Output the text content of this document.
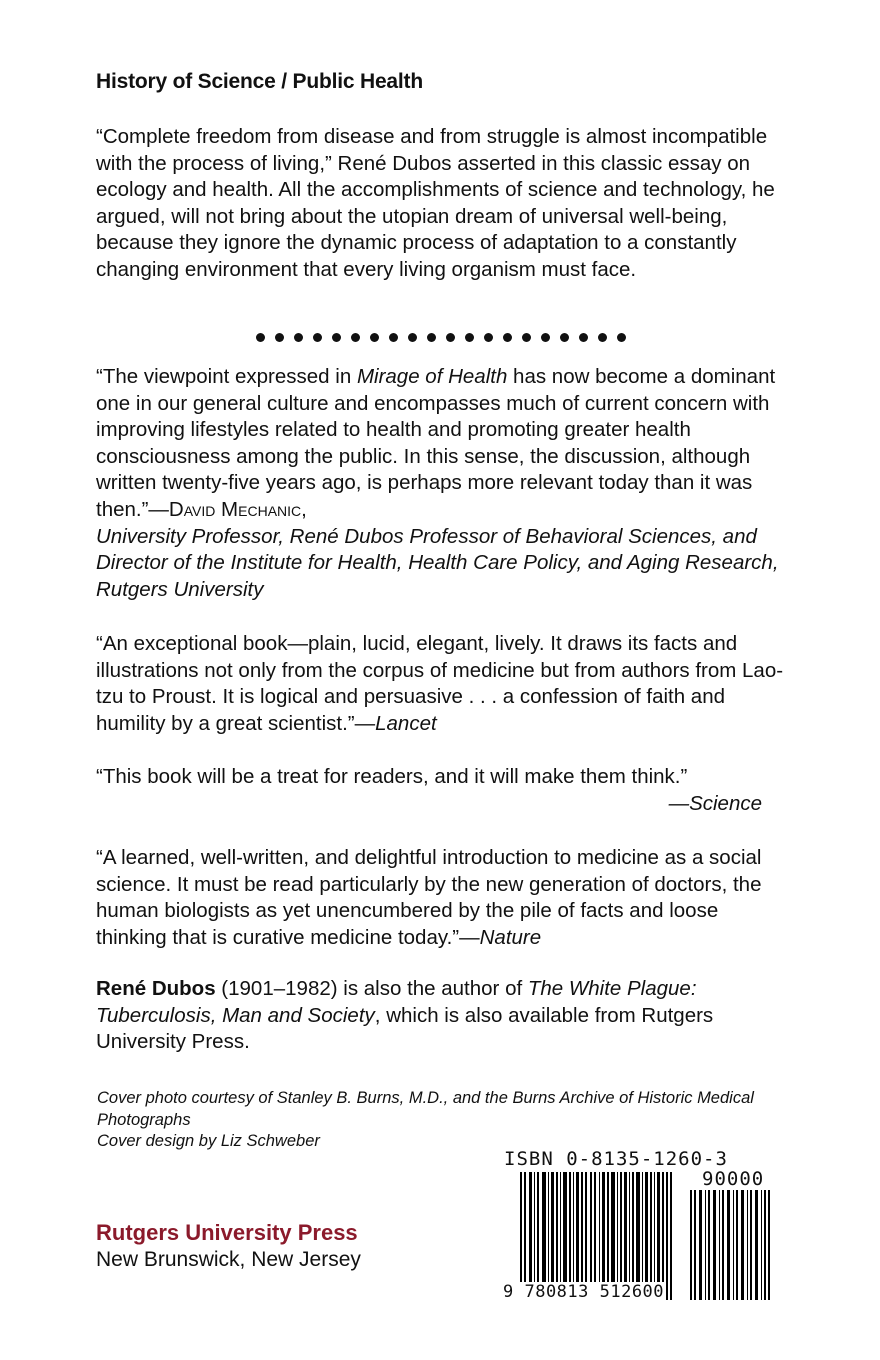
History of Science / Public Health

“Complete freedom from disease and from struggle is almost incompatible with the process of living,” René Dubos asserted in this classic essay on ecology and health. All the accomplishments of science and technology, he argued, will not bring about the utopian dream of universal well-being, because they ignore the dynamic process of adaptation to a constantly changing environment that every living organism must face.

“The viewpoint expressed in Mirage of Health has now become a dominant one in our general culture and encompasses much of current concern with improving lifestyles related to health and promoting greater health consciousness among the public. In this sense, the discussion, although written twenty-five years ago, is perhaps more relevant today than it was then.”—David Mechanic,
University Professor, René Dubos Professor of Behavioral Sciences, and Director of the Institute for Health, Health Care Policy, and Aging Research, Rutgers University

“An exceptional book—plain, lucid, elegant, lively. It draws its facts and illustrations not only from the corpus of medicine but from authors from Lao-tzu to Proust. It is logical and persuasive . . . a confession of faith and humility by a great scientist.”—Lancet

“This book will be a treat for readers, and it will make them think.”
—Science

“A learned, well-written, and delightful introduction to medicine as a social science. It must be read particularly by the new generation of doctors, the human biologists as yet unencumbered by the pile of facts and loose thinking that is curative medicine today.”—Nature

René Dubos (1901–1982) is also the author of The White Plague: Tuberculosis, Man and Society, which is also available from Rutgers University Press.

Cover photo courtesy of Stanley B. Burns, M.D., and the Burns Archive of Historic Medical Photographs
Cover design by Liz Schweber
Rutgers University Press
New Brunswick, New Jersey
ISBN 0-8135-1260-3
90000
9 780813 512600
